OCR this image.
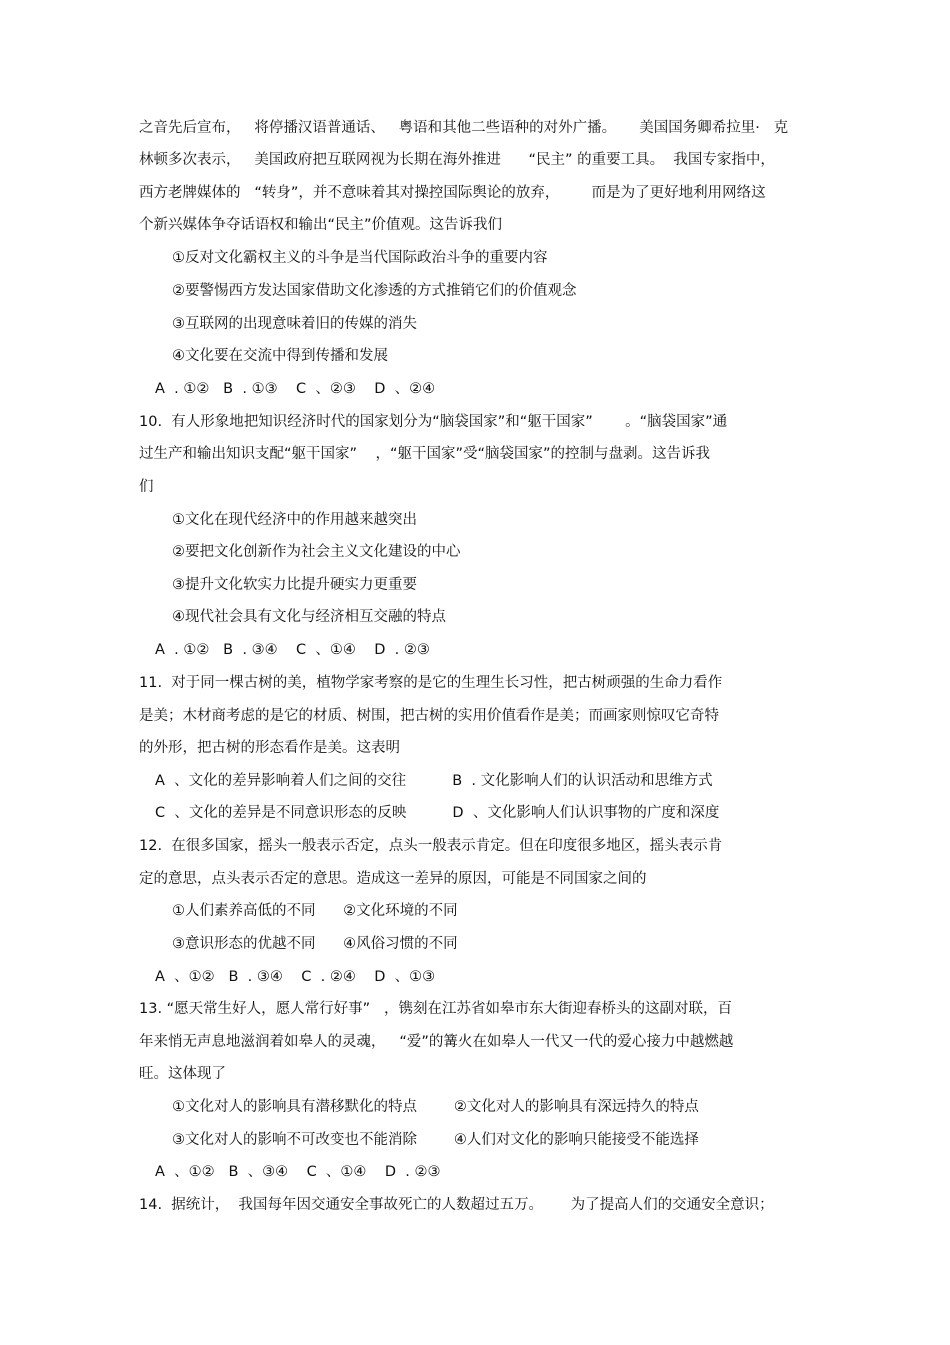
之音先后宣布，   将停播汉语普通话、   粤语和其他二些语种的对外广播。     美国国务卿希拉里·   克
林顿多次表示，   美国政府把互联网视为长期在海外推进      “民主” 的重要工具。  我国专家指中，
西方老牌媒体的   “转身”，并不意味着其对操控国际舆论的放弃，       而是为了更好地利用网络这
个新兴媒体争夺话语权和输出“民主”价值观。这告诉我们
①反对文化霸权主义的斗争是当代国际政治斗争的重要内容
②要警惕西方发达国家借助文化渗透的方式推销它们的价值观念
③互联网的出现意味着旧的传媒的消失
④文化要在交流中得到传播和发展
A  . ①②   B  . ①③    C  、②③    D  、②④
10.  有人形象地把知识经济时代的国家划分为“脑袋国家”和“躯干国家”       。“脑袋国家”通
过生产和输出知识支配“躯干国家”    ，“躯干国家”受“脑袋国家”的控制与盘剥。这告诉我
们
①文化在现代经济中的作用越来越突出
②要把文化创新作为社会主义文化建设的中心
③提升文化软实力比提升硬实力更重要
④现代社会具有文化与经济相互交融的特点
A  . ①②   B  . ③④    C  、①④    D  . ②③
11.  对于同一棵古树的美，植物学家考察的是它的生理生长习性，把古树顽强的生命力看作
是美；木材商考虑的是它的材质、树围，把古树的实用价值看作是美；而画家则惊叹它奇特
的外形，把古树的形态看作是美。这表明
A  、文化的差异影响着人们之间的交往          B  . 文化影响人们的认识活动和思维方式
C  、文化的差异是不同意识形态的反映          D  、文化影响人们认识事物的广度和深度
12.  在很多国家，摇头一般表示否定，点头一般表示肯定。但在印度很多地区，摇头表示肯
定的意思，点头表示否定的意思。造成这一差异的原因，可能是不同国家之间的
①人们素养高低的不同      ②文化环境的不同
③意识形态的优越不同      ④风俗习惯的不同
A  、①②   B  . ③④    C  . ②④    D  、①③
13. “愿天常生好人，愿人常行好事”   ，镌刻在江苏省如皋市东大街迎春桥头的这副对联，百
年来悄无声息地滋润着如皋人的灵魂，   “爱”的篝火在如皋人一代又一代的爱心接力中越燃越
旺。这体现了
①文化对人的影响具有潜移默化的特点        ②文化对人的影响具有深远持久的特点
③文化对人的影响不可改变也不能消除        ④人们对文化的影响只能接受不能选择
A  、①②   B  、③④    C  、①④    D  . ②③
14.  据统计，  我国每年因交通安全事故死亡的人数超过五万。      为了提高人们的交通安全意识；
